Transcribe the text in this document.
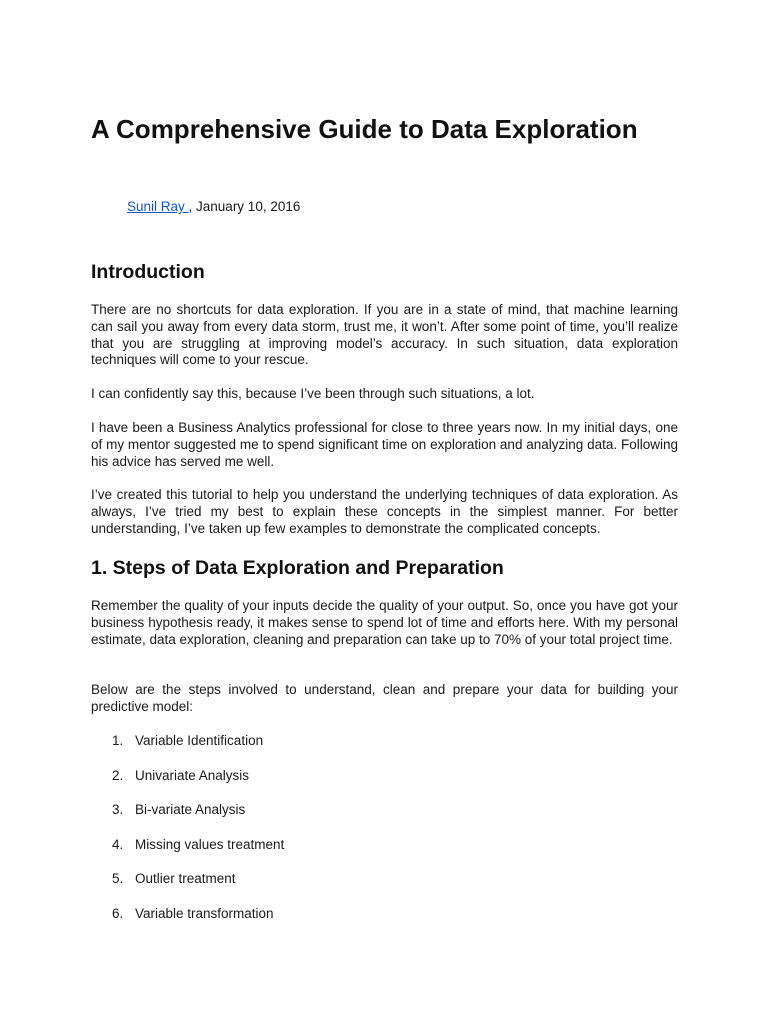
A Comprehensive Guide to Data Exploration
Sunil Ray , January 10, 2016
Introduction

There are no shortcuts for data exploration. If you are in a state of mind, that machine learning can sail you away from every data storm, trust me, it won’t. After some point of time, you’ll realize that you are struggling at improving model’s accuracy. In such situation, data exploration techniques will come to your rescue.

I can confidently say this, because I’ve been through such situations, a lot.

I have been a Business Analytics professional for close to three years now. In my initial days, one of my mentor suggested me to spend significant time on exploration and analyzing data. Following his advice has served me well.

I’ve created this tutorial to help you understand the underlying techniques of data exploration. As always, I’ve tried my best to explain these concepts in the simplest manner. For better understanding, I’ve taken up few examples to demonstrate the complicated concepts.

1. Steps of Data Exploration and Preparation

Remember the quality of your inputs decide the quality of your output. So, once you have got your business hypothesis ready, it makes sense to spend lot of time and efforts here. With my personal estimate, data exploration, cleaning and preparation can take up to 70% of your total project time.

Below are the steps involved to understand, clean and prepare your data for building your predictive model:

1. Variable Identification
2. Univariate Analysis
3. Bi-variate Analysis
4. Missing values treatment
5. Outlier treatment
6. Variable transformation
